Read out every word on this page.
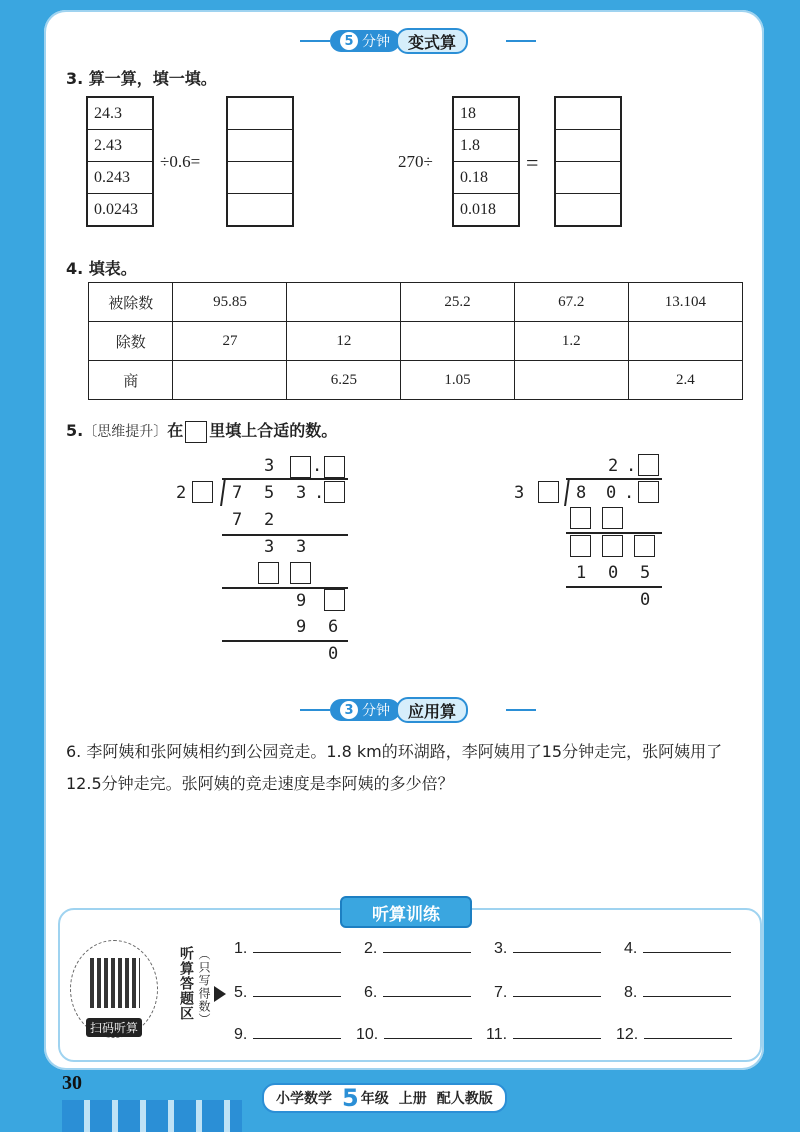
5 分钟	变式算
3. 算一算，填一填。
24.3
2.43
0.243
0.0243
÷0.6=	270÷
18
1.8
0.18
0.018
=
4. 填表。
被除数	95.85		25.2	67.2	13.104
除数	27	12		1.2	
商		6.25	1.05		2.4
5.〔思维提升〕在 里填上合适的数。
3 .
2	7 5 3 .
7 2
3 3
9
9 6
0
2 .
3	8 0 .
1 0 5
0
3 分钟	应用算
6. 李阿姨和张阿姨相约到公园竞走。1.8 km的环湖路，李阿姨用了15分钟走完，张阿姨用了12.5分钟走完。张阿姨的竞走速度是李阿姨的多少倍？
听算训练
扫码听算
听算答题区 （只写得数） 1.	2.	3.	4.
5.	6.	7.	8.
9.	10.	11.	12.
30
小学数学 5 年级 上册 配人教版
